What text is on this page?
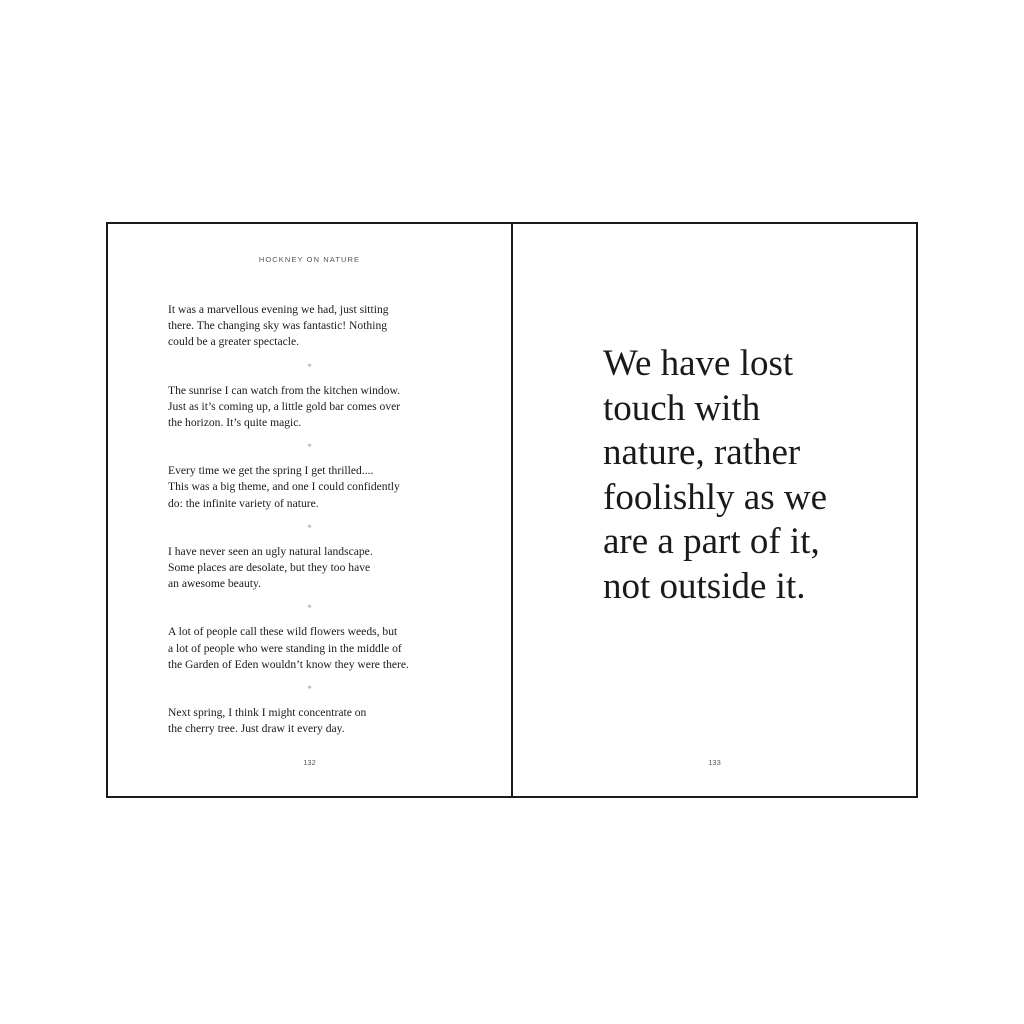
HOCKNEY ON NATURE
It was a marvellous evening we had, just sitting
there. The changing sky was fantastic! Nothing
could be a greater spectacle.
*
The sunrise I can watch from the kitchen window.
Just as it’s coming up, a little gold bar comes over
the horizon. It’s quite magic.
*
Every time we get the spring I get thrilled....
This was a big theme, and one I could confidently
do: the infinite variety of nature.
*
I have never seen an ugly natural landscape.
Some places are desolate, but they too have
an awesome beauty.
*
A lot of people call these wild flowers weeds, but
a lot of people who were standing in the middle of
the Garden of Eden wouldn’t know they were there.
*
Next spring, I think I might concentrate on
the cherry tree. Just draw it every day.
132
We have lost
touch with
nature, rather
foolishly as we
are a part of it,
not outside it.
133
